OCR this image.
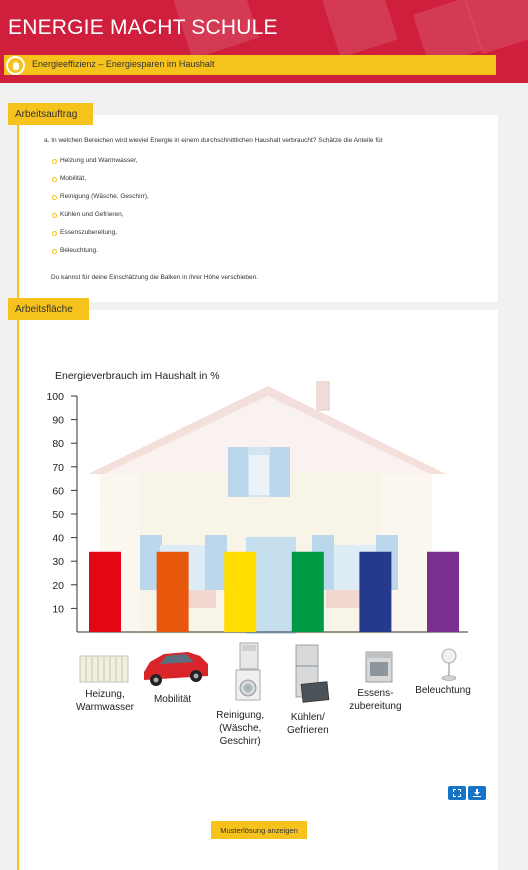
ENERGIE MACHT SCHULE
Energieeffizienz – Energiesparen im Haushalt
Arbeitsauftrag
a. In welchen Bereichen wird wieviel Energie in einem durchschnittlichen Haushalt verbraucht? Schätze die Anteile für
Heizung und Warmwasser,
Mobilität,
Reinigung (Wäsche, Geschirr),
Kühlen und Gefrieren,
Essenszubereitung,
Beleuchtung.
Du kannst für deine Einschätzung die Balken in ihrer Höhe verschieben.
Arbeitsfläche
Energieverbrauch im Haushalt in %
10
20
30
40
50
60
70
80
90
100
Heizung,
Warmwasser
Mobilität
Reinigung,
(Wäsche,
Geschirr)
Kühlen/
Gefrieren
Essens-
zubereitung
Beleuchtung
Musterlösung anzeigen
